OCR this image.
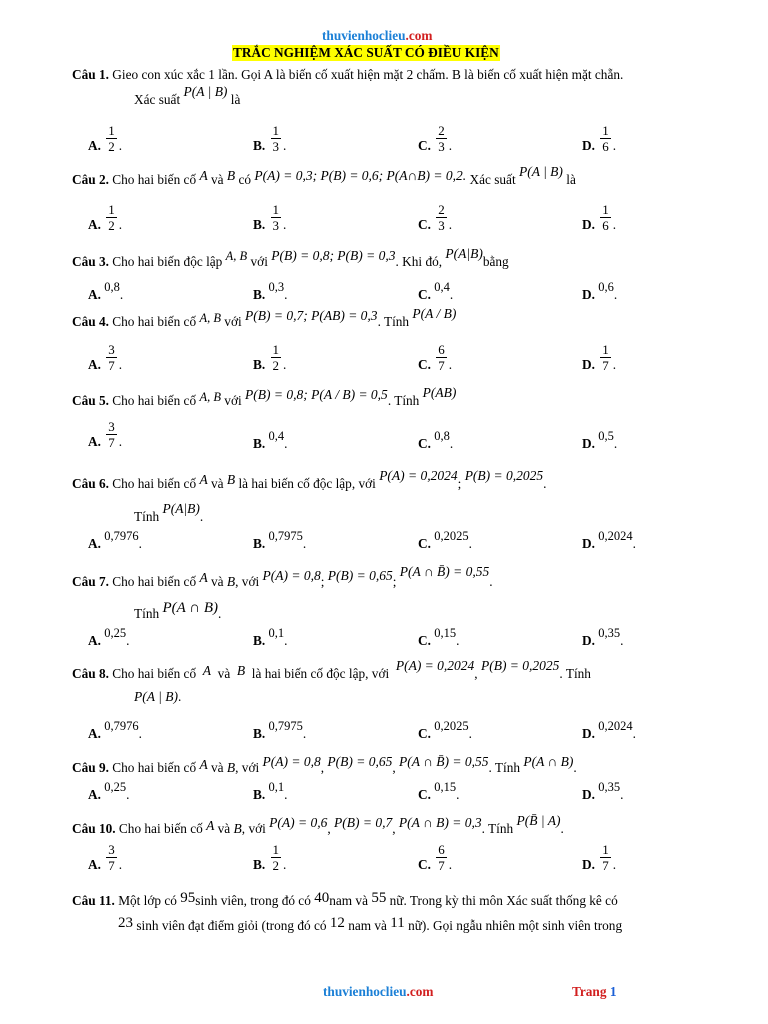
thuvienhoclieu.com
TRẮC NGHIỆM XÁC SUẤT CÓ ĐIỀU KIỆN
Câu 1. Gieo con xúc xắc 1 lần. Gọi A là biến cố xuất hiện mặt 2 chấm. B là biến cố xuất hiện mặt chẵn.
Xác suất P(A | B) là
A. $\frac{1}{2}$ .	B. $\frac{1}{3}$ .	C. $\frac{2}{3}$ .	D. $\frac{1}{6}$ .
Câu 2. Cho hai biến cố A và B có P(A) = 0,3; P(B) = 0,6; P(A∩B) = 0,2. Xác suất P(A | B) là
A. $\frac{1}{2}$ .	B. $\frac{1}{3}$ .	C. $\frac{2}{3}$ .	D. $\frac{1}{6}$ .
Câu 3. Cho hai biến độc lập A, B với P(B) = 0,8; P(B) = 0,3. Khi đó, P(A|B)bằng
A. 0,8.	B. 0,3.	C. 0,4.	D. 0,6.
Câu 4. Cho hai biến cố A, B với P(B) = 0,7; P(AB) = 0,3. Tính P(A / B)
A. $\frac{3}{7}$ .	B. $\frac{1}{2}$ .	C. $\frac{6}{7}$ .	D. $\frac{1}{7}$ .
Câu 5. Cho hai biến cố A, B với P(B) = 0,8; P(A / B) = 0,5. Tính P(AB)
A. $\frac{3}{7}$ .	B. 0,4.	C. 0,8.	D. 0,5.
Câu 6. Cho hai biến cố A và B là hai biến cố độc lập, với P(A) = 0,2024; P(B) = 0,2025.
Tính P(A|B).
A. 0,7976.	B. 0,7975.	C. 0,2025.	D. 0,2024.
Câu 7. Cho hai biến cố A và B, với P(A) = 0,8; P(B) = 0,65; P(A ∩ B̄) = 0,55.
Tính P(A ∩ B).
A. 0,25.	B. 0,1.	C. 0,15.	D. 0,35.
Câu 8. Cho hai biến cố A và B là hai biến cố độc lập, với  P(A) = 0,2024, P(B) = 0,2025. Tính
P(A | B).
A. 0,7976.	B. 0,7975.	C. 0,2025.	D. 0,2024.
Câu 9. Cho hai biến cố A và B, với P(A) = 0,8, P(B) = 0,65, P(A ∩ B̄) = 0,55. Tính P(A ∩ B).
A. 0,25.	B. 0,1.	C. 0,15.	D. 0,35.
Câu 10. Cho hai biến cố A và B, với P(A) = 0,6, P(B) = 0,7, P(A ∩ B) = 0,3. Tính P(B̄ | A).
A. $\frac{3}{7}$ .	B. $\frac{1}{2}$ .	C. $\frac{6}{7}$ .	D. $\frac{1}{7}$ .
Câu 11. Một lớp có 95sinh viên, trong đó có 40nam và 55 nữ. Trong kỳ thi môn Xác suất thống kê có
23 sinh viên đạt điểm giỏi (trong đó có 12 nam và 11 nữ). Gọi ngẫu nhiên một sinh viên trong
thuvienhoclieu.com	Trang 1
